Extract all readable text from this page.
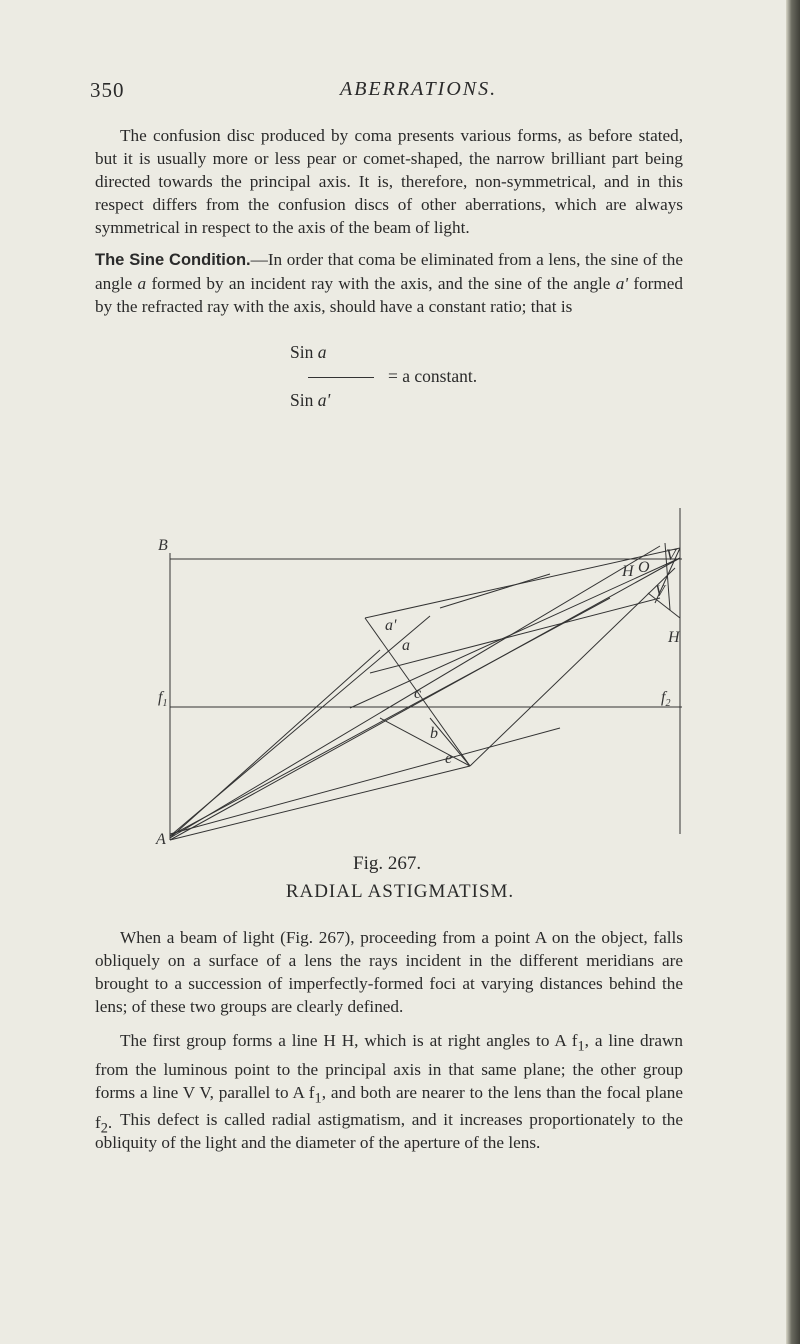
350	ABERRATIONS.

The confusion disc produced by coma presents various forms, as before stated, but it is usually more or less pear or comet-shaped, the narrow brilliant part being directed towards the principal axis. It is, therefore, non-symmetrical, and in this respect differs from the confusion discs of other aberrations, which are always symmetrical in respect to the axis of the beam of light.

The Sine Condition.—In order that coma be eliminated from a lens, the sine of the angle a formed by an incident ray with the axis, and the sine of the angle a' formed by the refracted ray with the axis, should have a constant ratio; that is

Sin a
Sin a'
= a constant.
B
A
$f_1$	$f_2$
H O
V
V
H
a
a'
c
b
e
Fig. 267.
RADIAL ASTIGMATISM.

When a beam of light (Fig. 267), proceeding from a point A on the object, falls obliquely on a surface of a lens the rays incident in the different meridians are brought to a succession of imperfectly-formed foci at varying distances behind the lens; of these two groups are clearly defined.

The first group forms a line H H, which is at right angles to A $f_1$, a line drawn from the luminous point to the principal axis in that same plane; the other group forms a line V V, parallel to A $f_1$, and both are nearer to the lens than the focal plane $f_2$. This defect is called radial astigmatism, and it increases proportionately to the obliquity of the light and the diameter of the aperture of the lens.
